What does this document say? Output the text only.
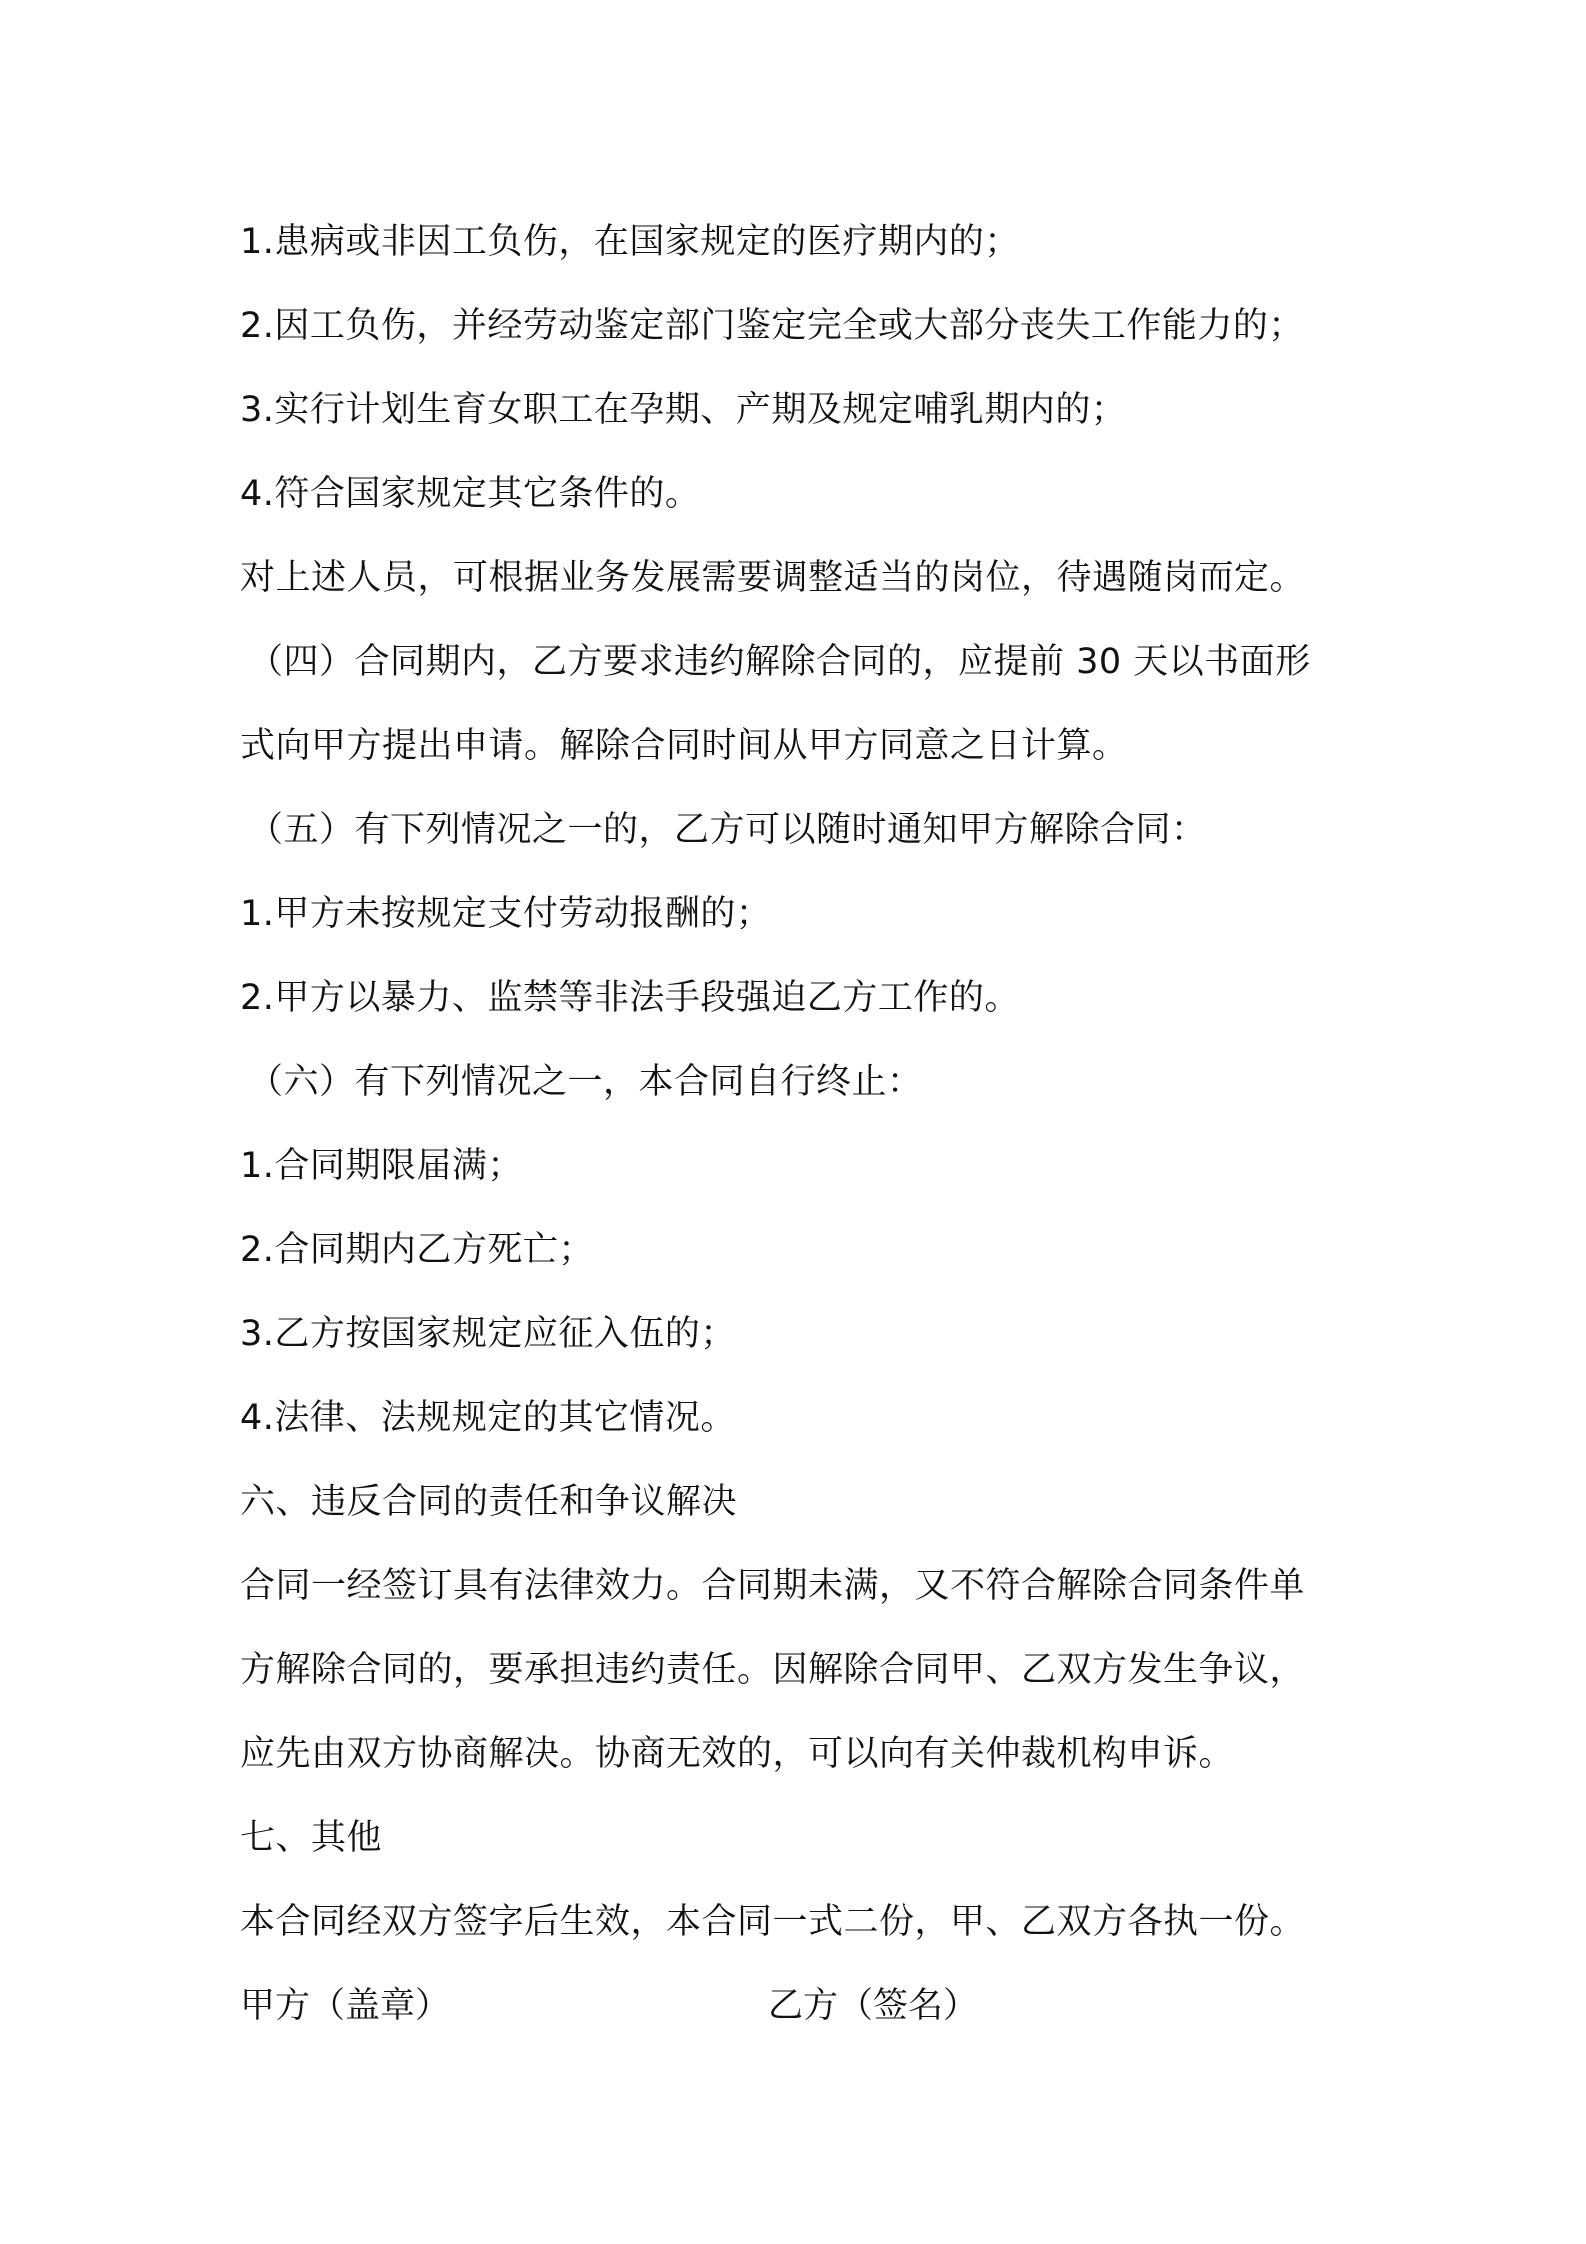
1.患病或非因工负伤，在国家规定的医疗期内的；
2.因工负伤，并经劳动鉴定部门鉴定完全或大部分丧失工作能力的；
3.实行计划生育女职工在孕期、产期及规定哺乳期内的；
4.符合国家规定其它条件的。
对上述人员，可根据业务发展需要调整适当的岗位，待遇随岗而定。
（四）合同期内，乙方要求违约解除合同的，应提前 30 天以书面形
式向甲方提出申请。解除合同时间从甲方同意之日计算。
（五）有下列情况之一的，乙方可以随时通知甲方解除合同：
1.甲方未按规定支付劳动报酬的；
2.甲方以暴力、监禁等非法手段强迫乙方工作的。
（六）有下列情况之一，本合同自行终止：
1.合同期限届满；
2.合同期内乙方死亡；
3.乙方按国家规定应征入伍的；
4.法律、法规规定的其它情况。
六、违反合同的责任和争议解决
合同一经签订具有法律效力。合同期未满，又不符合解除合同条件单
方解除合同的，要承担违约责任。因解除合同甲、乙双方发生争议，
应先由双方协商解决。协商无效的，可以向有关仲裁机构申诉。
七、其他
本合同经双方签字后生效，本合同一式二份，甲、乙双方各执一份。
甲方（盖章）	乙方（签名）
